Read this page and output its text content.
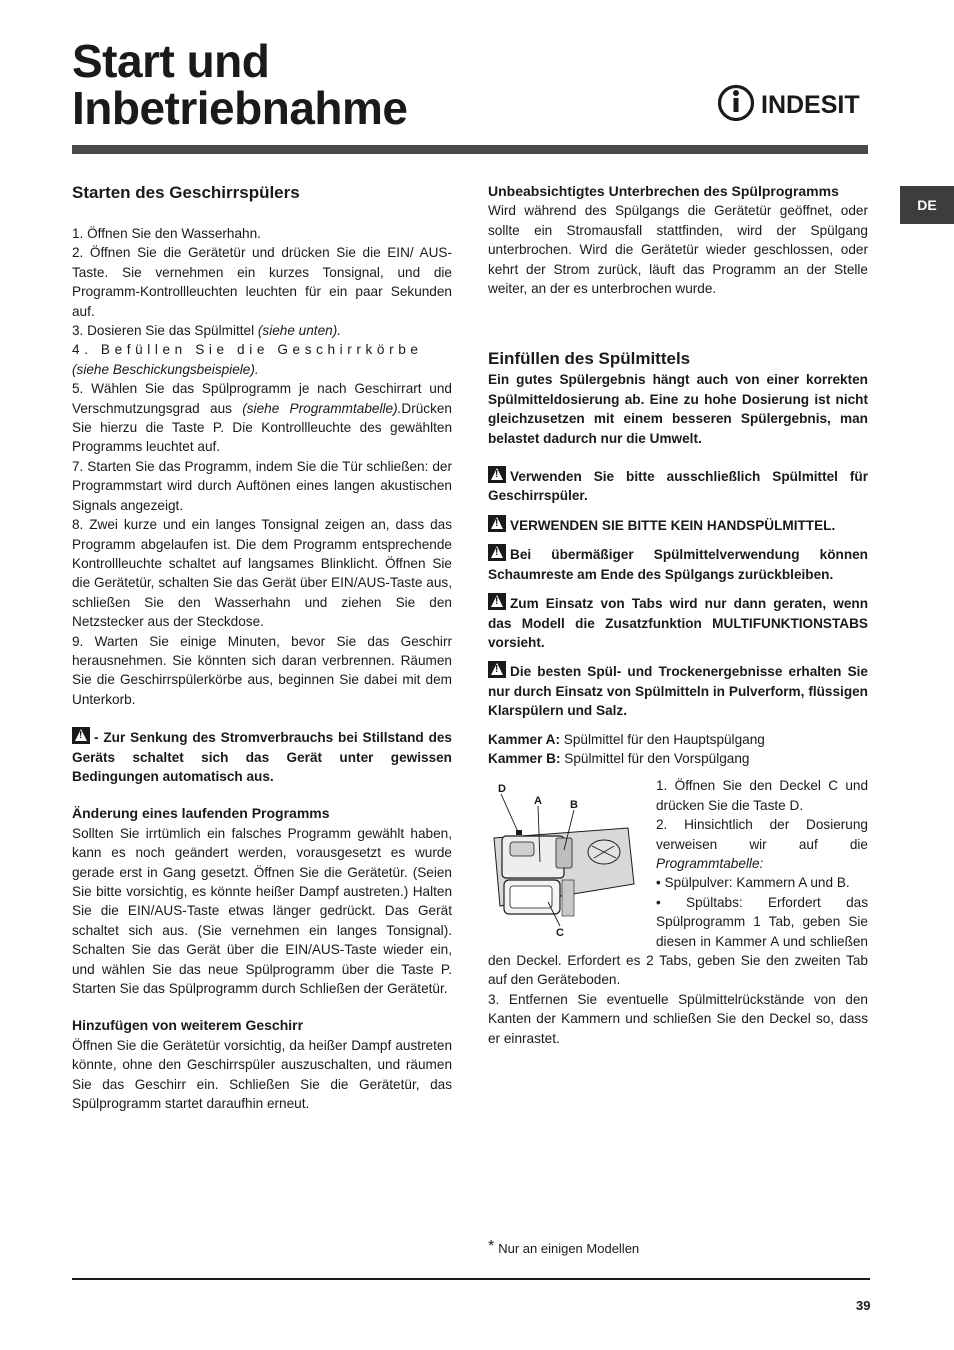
Start und
Inbetriebnahme	INDESIT
DE
Starten des Geschirrspülers

1. Öffnen Sie den Wasserhahn.

2. Öffnen Sie die Gerätetür und drücken Sie die EIN/ AUS-Taste. Sie vernehmen ein kurzes Tonsignal, und die Programm-Kontrollleuchten leuchten für ein paar Sekunden auf.

3. Dosieren Sie das Spülmittel (siehe unten).

4. Befüllen Sie die Geschirrkörbe (siehe Beschickungsbeispiele).

5. Wählen Sie das Spülprogramm je nach Geschirrart und Verschmutzungsgrad aus (siehe Programmtabelle).Drücken Sie hierzu die Taste P. Die Kontrollleuchte des gewählten Programms leuchtet auf.

7. Starten Sie das Programm, indem Sie die Tür schließen: der Programmstart wird durch Auftönen eines langen akustischen Signals angezeigt.

8. Zwei kurze und ein langes Tonsignal zeigen an, dass das Programm abgelaufen ist. Die dem Programm entsprechende Kontrollleuchte schaltet auf langsames Blinklicht. Öffnen Sie die Gerätetür, schalten Sie das Gerät über EIN/AUS-Taste aus, schließen Sie den Wasserhahn und ziehen Sie den Netzstecker aus der Steckdose.

9. Warten Sie einige Minuten, bevor Sie das Geschirr herausnehmen. Sie könnten sich daran verbrennen. Räumen Sie die Geschirrspülerkörbe aus, beginnen Sie dabei mit dem Unterkorb.

!- Zur Senkung des Stromverbrauchs bei Stillstand des Geräts schaltet sich das Gerät unter gewissen Bedingungen automatisch aus.

Änderung eines laufenden Programms

Sollten Sie irrtümlich ein falsches Programm gewählt haben, kann es noch geändert werden, vorausgesetzt es wurde gerade erst in Gang gesetzt. Öffnen Sie die Gerätetür. (Seien Sie bitte vorsichtig, es könnte heißer Dampf austreten.) Halten Sie die EIN/AUS-Taste etwas länger gedrückt. Das Gerät schaltet sich aus. (Sie vernehmen ein langes Tonsignal). Schalten Sie das Gerät über die EIN/AUS-Taste wieder ein, und wählen Sie das neue Spülprogramm über die Taste P. Starten Sie das Spülprogramm durch Schließen der Gerätetür.

Hinzufügen von weiterem Geschirr

Öffnen Sie die Gerätetür vorsichtig, da heißer Dampf austreten könnte, ohne den Geschirrspüler auszuschalten, und räumen Sie das Geschirr ein. Schließen Sie die Gerätetür, das Spülprogramm startet daraufhin erneut.

Unbeabsichtigtes Unterbrechen des Spülprogramms

Wird während des Spülgangs die Gerätetür geöffnet, oder sollte ein Stromausfall stattfinden, wird der Spülgang unterbrochen. Wird die Gerätetür wieder geschlossen, oder kehrt der Strom zurück, läuft das Programm an der Stelle weiter, an der es unterbrochen wurde.

Einfüllen des Spülmittels

Ein gutes Spülergebnis hängt auch von einer korrekten Spülmitteldosierung ab. Eine zu hohe Dosierung ist nicht gleichzusetzen mit einem besseren Spülergebnis, man belastet dadurch nur die Umwelt.

!Verwenden Sie bitte ausschließlich Spülmittel für Geschirrspüler.

!VERWENDEN SIE BITTE KEIN HANDSPÜLMITTEL.

!Bei übermäßiger Spülmittelverwendung können Schaumreste am Ende des Spülgangs zurückbleiben.

!Zum Einsatz von Tabs wird nur dann geraten, wenn das Modell die Zusatzfunktion MULTIFUNKTIONSTABS vorsieht.

!Die besten Spül- und Trockenergebnisse erhalten Sie nur durch Einsatz von Spülmitteln in Pulverform, flüssigen Klarspülern und Salz.

Kammer A: Spülmittel für den Hauptspülgang

Kammer B: Spülmittel für den Vorspülgang

D
A	B
C

1. Öffnen Sie den Deckel C und drücken Sie die Taste D.

2. Hinsichtlich der Dosierung verweisen wir auf die Programmtabelle:

• Spülpulver: Kammern A und B.

• Spültabs: Erfordert das Spülprogramm 1 Tab, geben Sie diesen in Kammer A und schließen den Deckel. Erfordert es 2 Tabs, geben Sie den zweiten Tab auf den Geräteboden.

3. Entfernen Sie eventuelle Spülmittelrückstände von den Kanten der Kammern und schließen Sie den Deckel so, dass er einrastet.

* Nur an einigen Modellen
39
